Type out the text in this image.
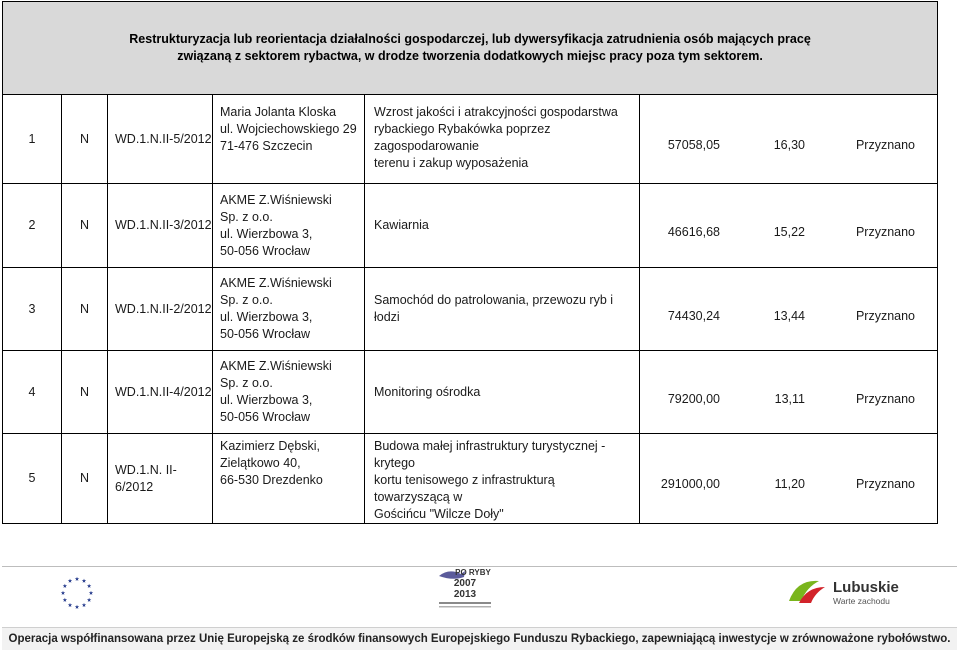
Restrukturyzacja lub reorientacja działalności gospodarczej, lub dywersyfikacja zatrudnienia osób mających pracę
związaną z sektorem rybactwa, w drodze tworzenia dodatkowych miejsc pracy poza tym sektorem.					

1	N	WD.1.N.II-5/2012	Maria Jolanta Kloska
ul. Wojciechowskiego 29
71-476 Szczecin	Wzrost jakości i atrakcyjności gospodarstwa
rybackiego Rybakówka poprzez zagospodarowanie
terenu i zakup wyposażenia	57058,05 16,30 Przyznano

2	N	WD.1.N.II-3/2012	AKME Z.Wiśniewski
Sp. z o.o.
ul. Wierzbowa 3,
50-056 Wrocław	Kawiarnia	46616,68 15,22 Przyznano

3	N	WD.1.N.II-2/2012	AKME Z.Wiśniewski
Sp. z o.o.
ul. Wierzbowa 3,
50-056 Wrocław	Samochód do patrolowania, przewozu ryb i łodzi	74430,24 13,44 Przyznano

4	N	WD.1.N.II-4/2012	AKME Z.Wiśniewski
Sp. z o.o.
ul. Wierzbowa 3,
50-056 Wrocław	Monitoring ośrodka	79200,00 13,11 Przyznano

5	N	WD.1.N. II-6/2012	Kazimierz Dębski,
Zielątkowo 40,
66-530 Drezdenko	Budowa małej infrastruktury turystycznej - krytego
kortu tenisowego z infrastrukturą towarzyszącą w
Gościńcu "Wilcze Doły"	291000,00 11,20 Przyznano
PO RYBY
2007
2013	Lubuskie
Warte zachodu
Operacja współfinansowana przez Unię Europejską ze środków finansowych Europejskiego Funduszu Rybackiego, zapewniającą inwestycje w zrównoważone rybołówstwo.
